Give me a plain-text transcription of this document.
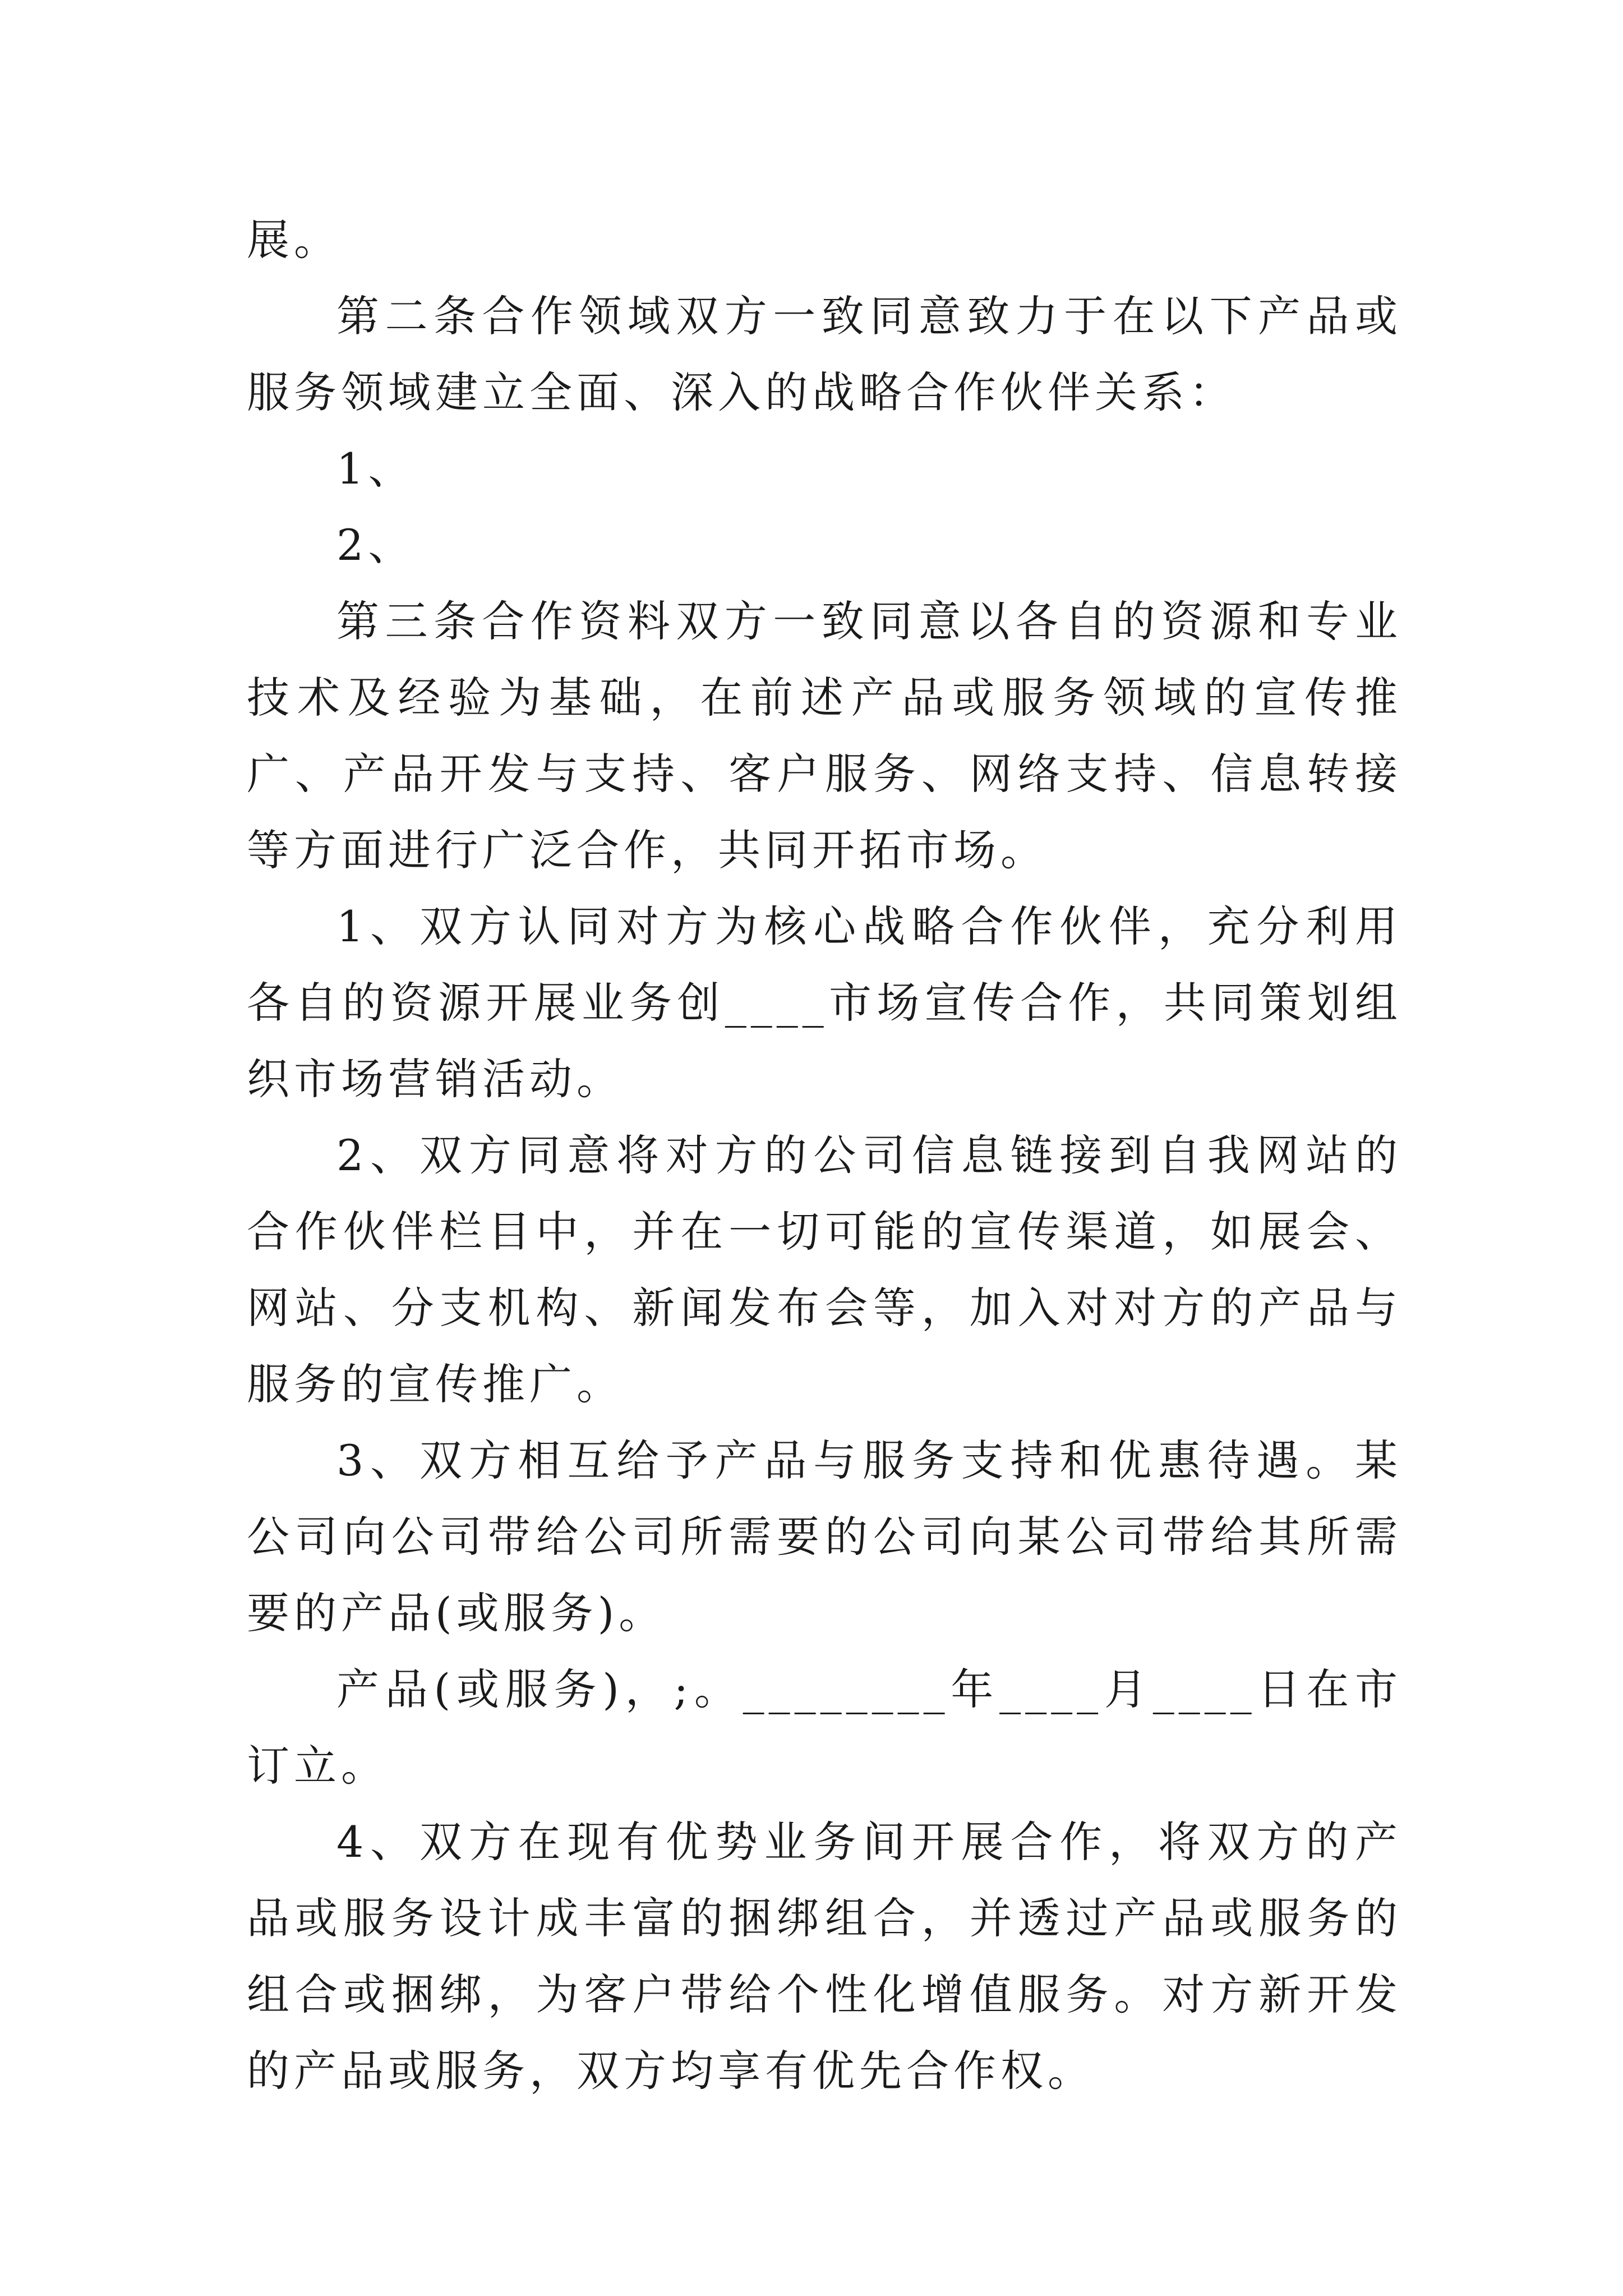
展。

第二条合作领域双方一致同意致力于在以下产品或服务领域建立全面、深入的战略合作伙伴关系：

1、

2、

第三条合作资料双方一致同意以各自的资源和专业技术及经验为基础，在前述产品或服务领域的宣传推广、产品开发与支持、客户服务、网络支持、信息转接等方面进行广泛合作，共同开拓市场。

1、双方认同对方为核心战略合作伙伴，充分利用各自的资源开展业务创____市场宣传合作，共同策划组织市场营销活动。

2、双方同意将对方的公司信息链接到自我网站的合作伙伴栏目中，并在一切可能的宣传渠道，如展会、网站、分支机构、新闻发布会等，加入对对方的产品与服务的宣传推广。

3、双方相互给予产品与服务支持和优惠待遇。某公司向公司带给公司所需要的公司向某公司带给其所需要的产品(或服务)。

产品(或服务)，;。________年____月____日在市订立。

4、双方在现有优势业务间开展合作，将双方的产品或服务设计成丰富的捆绑组合，并透过产品或服务的组合或捆绑，为客户带给个性化增值服务。对方新开发的产品或服务，双方均享有优先合作权。
